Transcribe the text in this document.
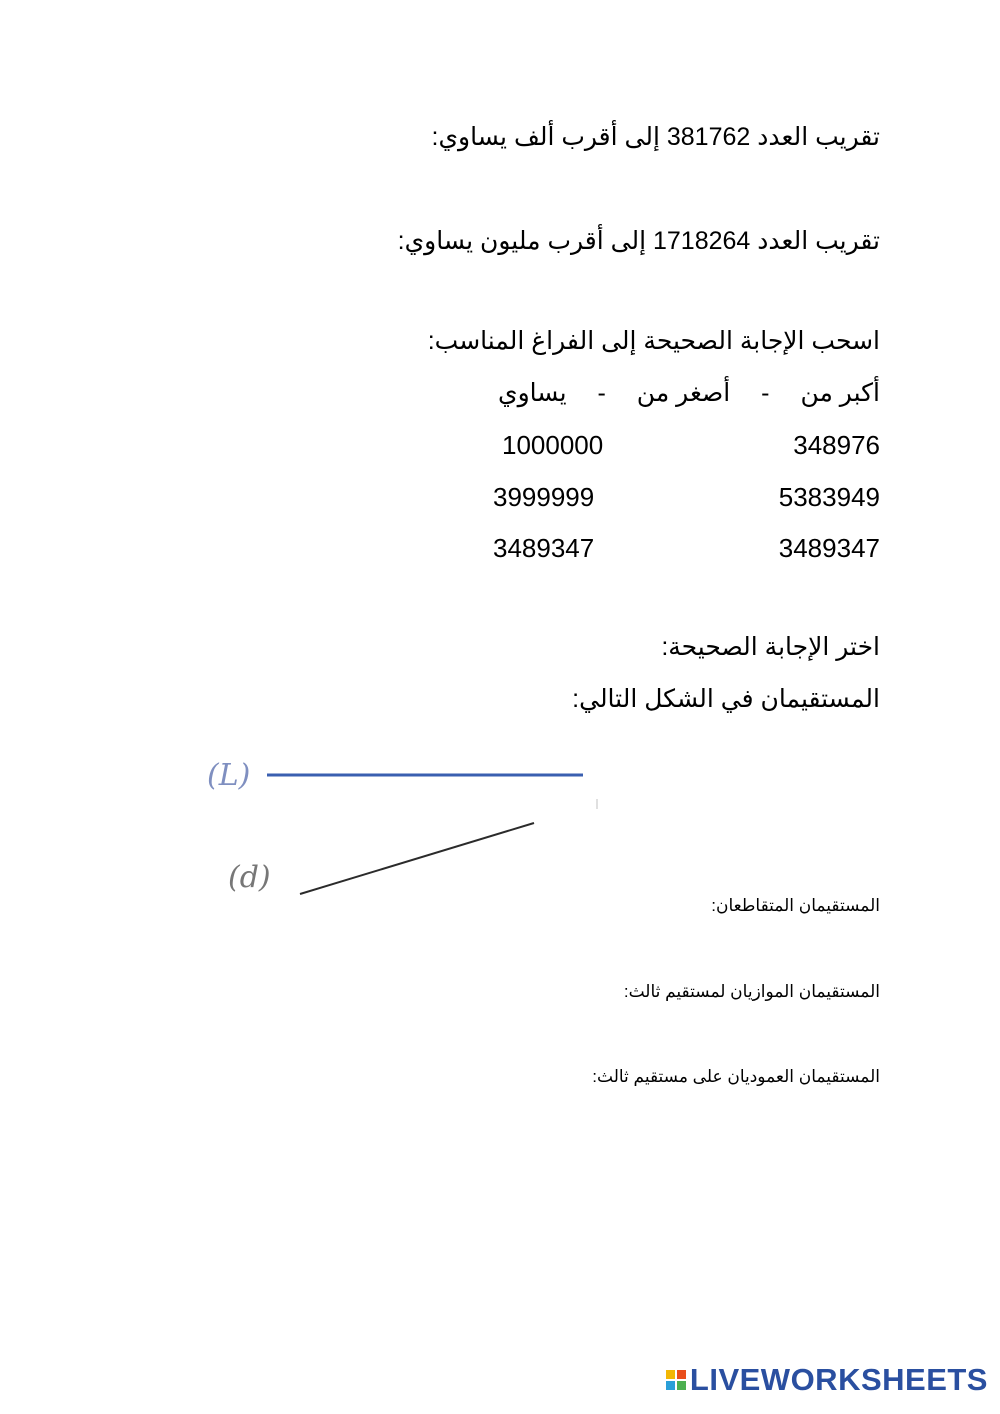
تقريب العدد 381762 إلى أقرب ألف يساوي:
تقريب العدد 1718264 إلى أقرب مليون يساوي:
اسحب الإجابة الصحيحة إلى الفراغ المناسب:
أكبر من - أصغر من - يساوي
348976
1000000
5383949
3999999
3489347
3489347
اختر الإجابة الصحيحة:
المستقيمان في الشكل التالي:
(L)
(d)
المستقيمان المتقاطعان:
المستقيمان الموازيان لمستقيم ثالث:
المستقيمان العموديان على مستقيم ثالث:
LIVEWORKSHEETS
